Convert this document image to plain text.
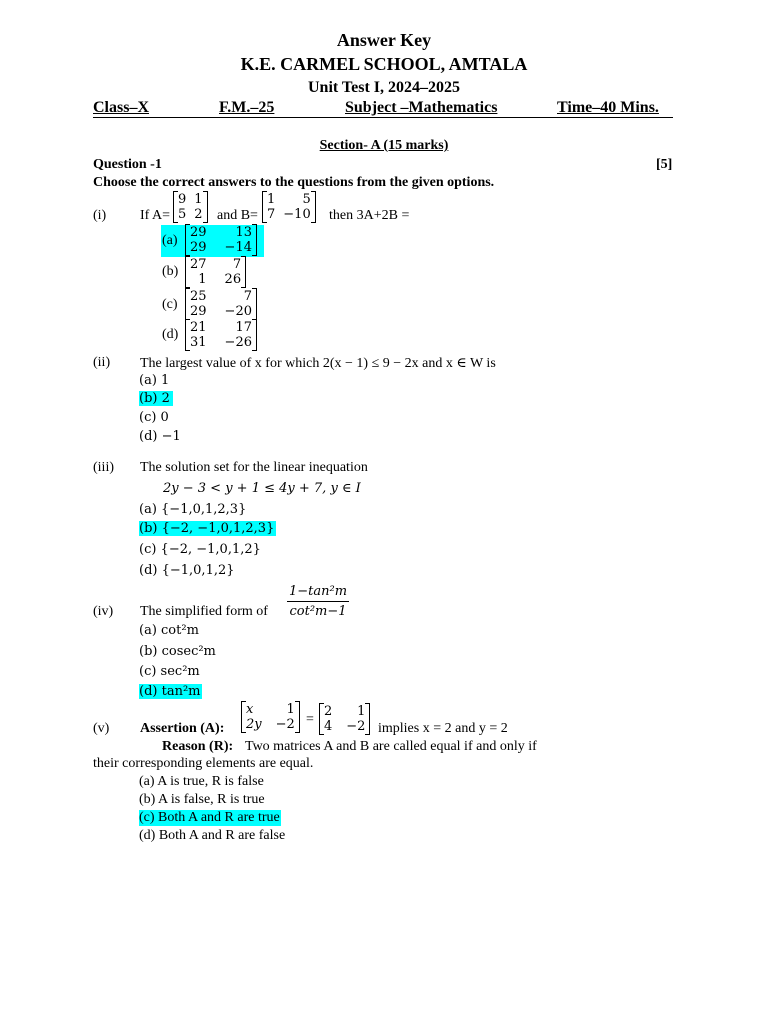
Answer Key
K.E. CARMEL SCHOOL, AMTALA
Unit Test I, 2024–2025
Class–X	F.M.–25	Subject –Mathematics	Time–40 Mins.
Section- A (15 marks)
Question -1	[5]
Choose the correct answers to the questions from the given options.
(i) If A=
9	1
5	2 and B=
1	5
7	−10 then 3A+2B =
(a)
29	13
29	−14
(b) 27	7
1	26
(c)
25	7
29	−20
(d) 21	17
31	−26
(ii) The largest value of x for which 2(x − 1) ≤ 9 − 2x and x ∈ W is
(a) 1
(b) 2
(c) 0
(d) −1
(iii) The solution set for the linear inequation
2y − 3 < y + 1 ≤ 4y + 7, y ∈ I
(a) {−1,0,1,2,3}
(b) {−2, −1,0,1,2,3}
(c) {−2, −1,0,1,2}
(d) {−1,0,1,2}
(iv) The simplified form of $\frac{\text{1−tan²m}}{\text{cot²m−1}}$
(a) cot²m
(b) cosec²m
(c) sec²m
(d) tan²m
(v) Assertion (A):
x	1
2y	−2 =
2	1
4	−2 implies x = 2 and y = 2
Reason (R): Two matrices A and B are called equal if and only if
their corresponding elements are equal.
(a) A is true, R is false
(b) A is false, R is true
(c) Both A and R are true
(d) Both A and R are false
